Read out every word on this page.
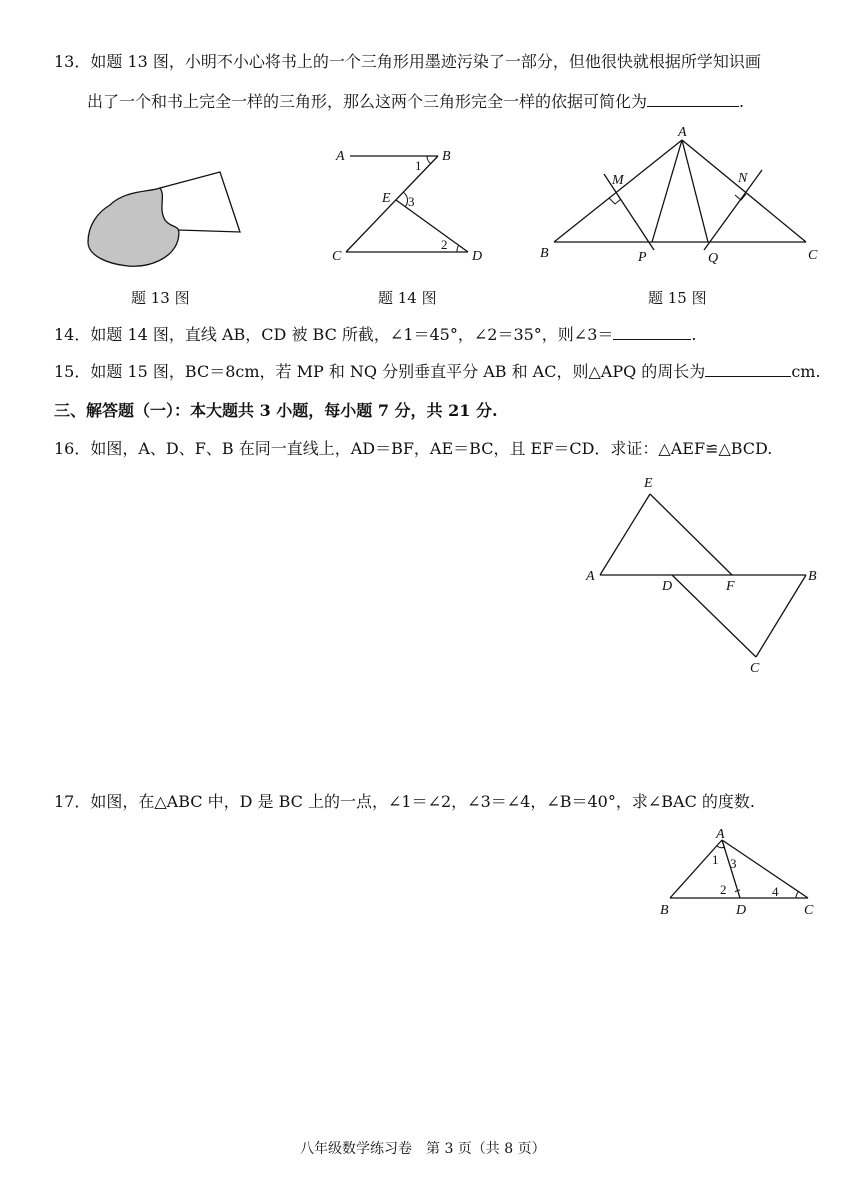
13．如题 13 图，小明不小心将书上的一个三角形用墨迹污染了一部分，但他很快就根据所学知识画
出了一个和书上完全一样的三角形，那么这两个三角形完全一样的依据可简化为	.
题 13 图
A	B
C	D
E
1
2
3
题 14 图
A
B	C
M	N
P	Q
题 15 图
14．如题 14 图，直线 AB，CD 被 BC 所截，∠1＝45°，∠2＝35°，则∠3＝	.
15．如题 15 图，BC＝8cm，若 MP 和 NQ 分别垂直平分 AB 和 AC，则△APQ 的周长为	cm.
三、解答题（一）：本大题共 3 小题，每小题 7 分，共 21 分.
16．如图，A、D、F、B 在同一直线上，AD＝BF，AE＝BC，且 EF＝CD．求证：△AEF≌△BCD.
E
A	B
D	F
C
17．如图，在△ABC 中，D 是 BC 上的一点，∠1＝∠2，∠3＝∠4，∠B＝40°，求∠BAC 的度数.
A
B	D	C
1 3
2	4
八年级数学练习卷　第 3 页（共 8 页）
